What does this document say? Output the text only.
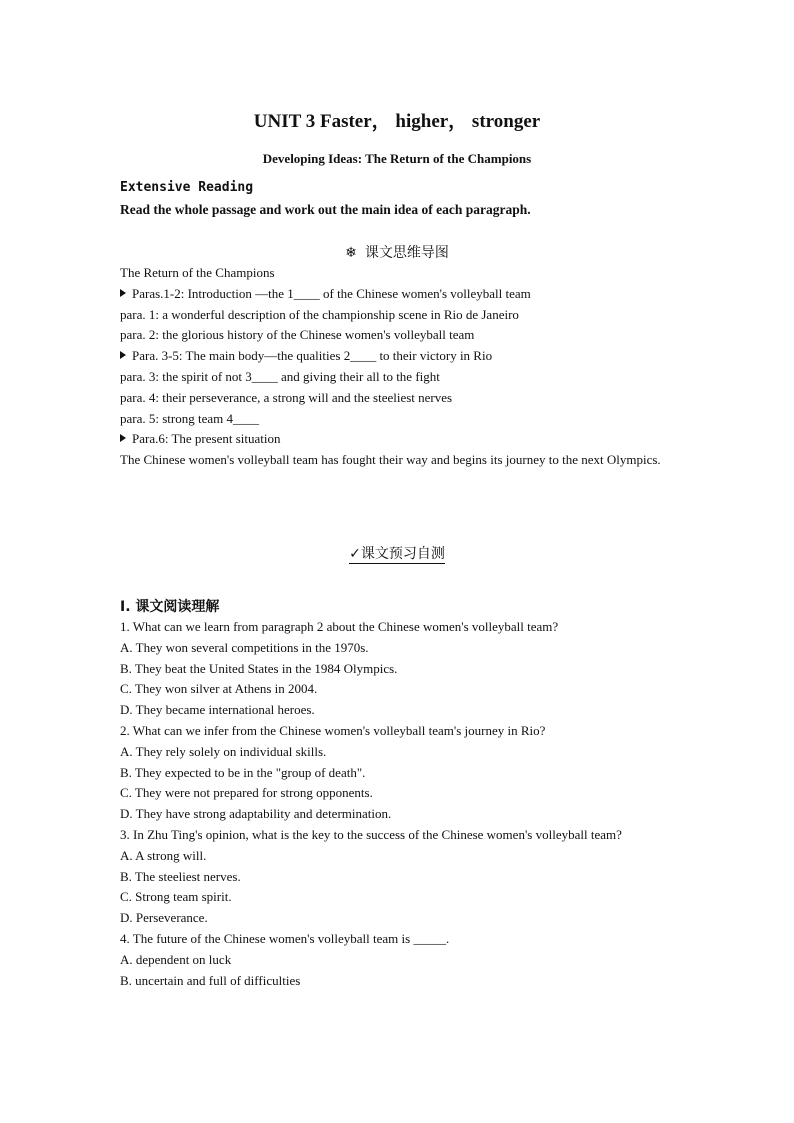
UNIT 3 Faster， higher， stronger
Developing Ideas: The Return of the Champions
Extensive Reading
Read the whole passage and work out the main idea of each paragraph.
❄ 课文思维导图
The Return of the Champions
Paras.1-2: Introduction —the 1____ of the Chinese women's volleyball team
para. 1: a wonderful description of the championship scene in Rio de Janeiro
para. 2: the glorious history of the Chinese women's volleyball team
Para. 3-5: The main body—the qualities 2____ to their victory in Rio
para. 3: the spirit of not 3____ and giving their all to the fight
para. 4: their perseverance, a strong will and the steeliest nerves
para. 5: strong team 4____
Para.6: The present situation
The Chinese women's volleyball team has fought their way and begins its journey to the next Olympics.
✓课文预习自测
I. 课文阅读理解
1. What can we learn from paragraph 2 about the Chinese women's volleyball team?
A. They won several competitions in the 1970s.
B. They beat the United States in the 1984 Olympics.
C. They won silver at Athens in 2004.
D. They became international heroes.
2. What can we infer from the Chinese women's volleyball team's journey in Rio?
A. They rely solely on individual skills.
B. They expected to be in the "group of death".
C. They were not prepared for strong opponents.
D. They have strong adaptability and determination.
3. In Zhu Ting's opinion, what is the key to the success of the Chinese women's volleyball team?
A. A strong will.
B. The steeliest nerves.
C. Strong team spirit.
D. Perseverance.
4. The future of the Chinese women's volleyball team is _____.
A. dependent on luck
B. uncertain and full of difficulties
